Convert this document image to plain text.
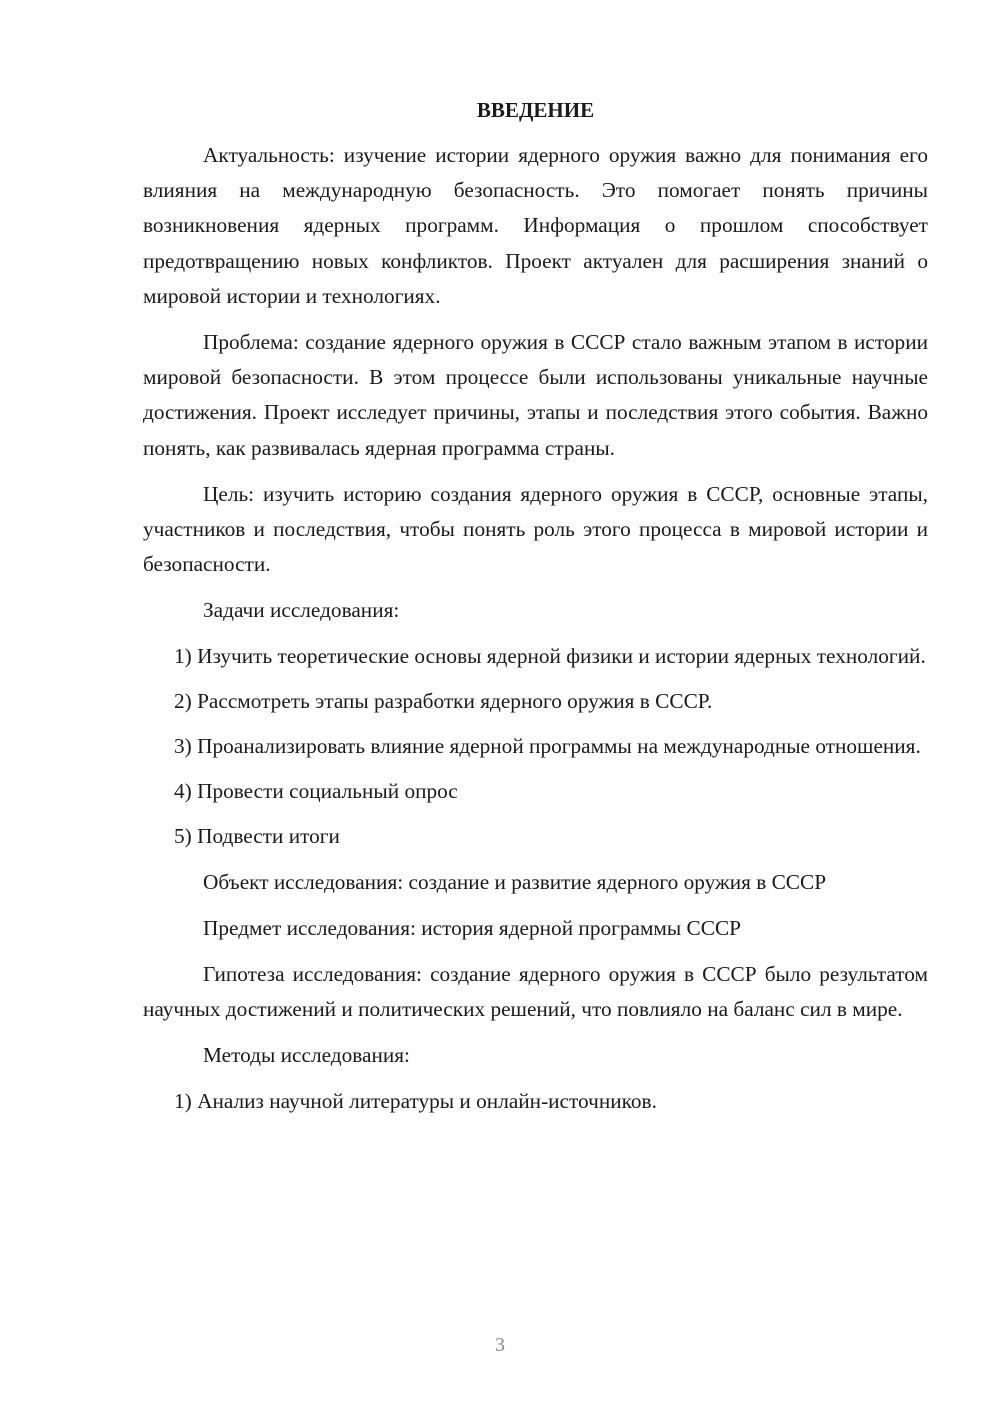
ВВЕДЕНИЕ

Актуальность: изучение истории ядерного оружия важно для понимания его влияния на международную безопасность. Это помогает понять причины возникновения ядерных программ. Информация о прошлом способствует предотвращению новых конфликтов. Проект актуален для расширения знаний о мировой истории и технологиях.

Проблема: создание ядерного оружия в СССР стало важным этапом в истории мировой безопасности. В этом процессе были использованы уникальные научные достижения. Проект исследует причины, этапы и последствия этого события. Важно понять, как развивалась ядерная программа страны.

Цель: изучить историю создания ядерного оружия в СССР, основные этапы, участников и последствия, чтобы понять роль этого процесса в мировой истории и безопасности.

Задачи исследования:

1) Изучить теоретические основы ядерной физики и истории ядерных технологий.

2) Рассмотреть этапы разработки ядерного оружия в СССР.

3) Проанализировать влияние ядерной программы на международные отношения.

4) Провести социальный опрос

5) Подвести итоги

Объект исследования: создание и развитие ядерного оружия в СССР

Предмет исследования: история ядерной программы СССР

Гипотеза исследования: создание ядерного оружия в СССР было результатом научных достижений и политических решений, что повлияло на баланс сил в мире.

Методы исследования:

1) Анализ научной литературы и онлайн-источников.

3
